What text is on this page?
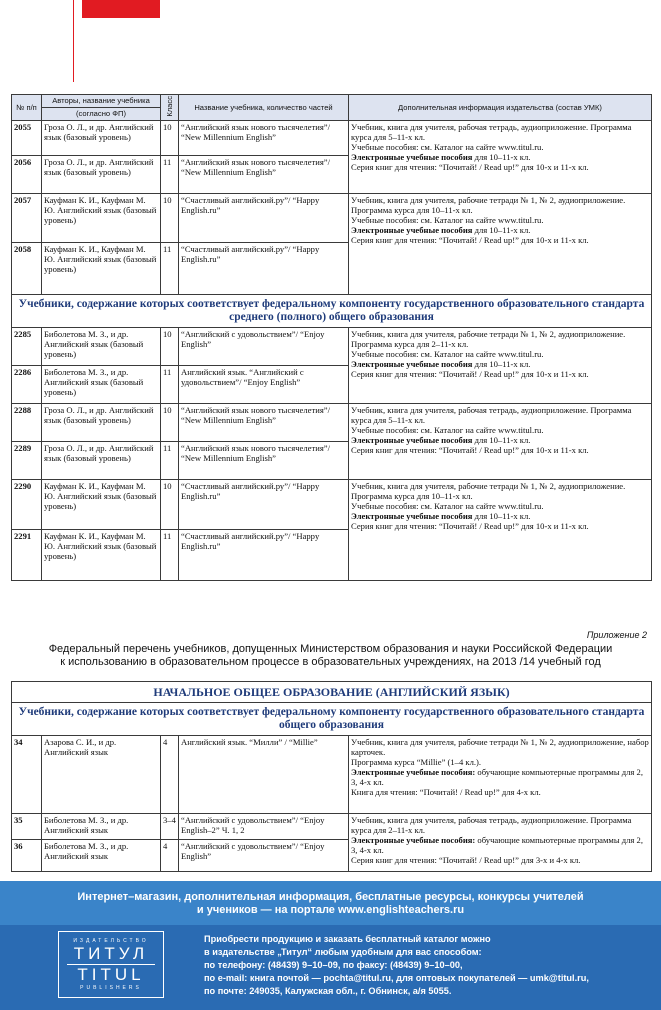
№ п/п	Авторы, название учебника	Класс	Название учебника, количество частей	Дополнительная информация издательства (состав УМК)
	(согласно ФП)			
2055	Гроза О. Л., и др. Английский язык (базовый уровень)	10	“Английский язык нового тысячелетия”/ “New Millennium English”	Учебник, книга для учителя, рабочая тетрадь, аудиоприложение. Программа курса для 5–11-х кл.
Учебные пособия: см. Каталог на сайте www.titul.ru.
Электронные учебные пособия для 10–11-х кл.
Серия книг для чтения: “Почитай! / Read up!” для 10-х и 11-х кл.

2056	Гроза О. Л., и др. Английский язык (базовый уровень)	11	“Английский язык нового тысячелетия”/ “New Millennium English”	
2057	Кауфман К. И., Кауфман М. Ю. Английский язык (базовый уровень)	10	“Счастливый английский.ру”/ “Happy English.ru”	Учебник, книга для учителя, рабочие тетради № 1, № 2, аудиоприложение. Программа курса для 10–11-х кл.
Учебные пособия: см. Каталог на сайте www.titul.ru.
Электронные учебные пособия для 10–11-х кл.
Серия книг для чтения: “Почитай! / Read up!” для 10-х и 11-х кл.

2058	Кауфман К. И., Кауфман М. Ю. Английский язык (базовый уровень)	11	“Счастливый английский.ру”/ “Happy English.ru”	
Учебники, содержание которых соответствует федеральному компоненту государственного образовательного стандарта среднего (полного) общего образования				
2285	Биболетова М. З., и др. Английский язык (базовый уровень)	10	“Английский с удовольствием”/ “Enjoy English”	Учебник, книга для учителя, рабочие тетради № 1, № 2, аудиоприложение.
Программа курса для 2–11-х кл.
Учебные пособия: см. Каталог на сайте www.titul.ru.
Электронные учебные пособия для 10–11-х кл.
Серия книг для чтения: “Почитай! / Read up!” для 10-х и 11-х кл.

2286	Биболетова М. З., и др. Английский язык (базовый уровень)	11	Английский язык. “Английский с удовольствием”/ “Enjoy English”	
2288	Гроза О. Л., и др. Английский язык (базовый уровень)	10	“Английский язык нового тысячелетия”/ “New Millennium English”	Учебник, книга для учителя, рабочая тетрадь, аудиоприложение. Программа курса для 5–11-х кл.
Учебные пособия: см. Каталог на сайте www.titul.ru.
Электронные учебные пособия для 10–11-х кл.
Серия книг для чтения: “Почитай! / Read up!” для 10-х и 11-х кл.

2289	Гроза О. Л., и др. Английский язык (базовый уровень)	11	“Английский язык нового тысячелетия”/ “New Millennium English”	
2290	Кауфман К. И., Кауфман М. Ю. Английский язык (базовый уровень)	10	“Счастливый английский.ру”/ “Happy English.ru”	Учебник, книга для учителя, рабочие тетради № 1, № 2, аудиоприложение. Программа курса для 10–11-х кл.
Учебные пособия: см. Каталог на сайте www.titul.ru.
Электронные учебные пособия для 10–11-х кл.
Серия книг для чтения: “Почитай! / Read up!” для 10-х и 11-х кл.

2291	Кауфман К. И., Кауфман М. Ю. Английский язык (базовый уровень)	11	“Счастливый английский.ру”/ “Happy English.ru”	
Приложение 2
Федеральный перечень учебников, допущенных Министерством образования и науки Российской Федерации
к использованию в образовательном процессе в образовательных учреждениях, на 2013 /14 учебный год
НАЧАЛЬНОЕ ОБЩЕЕ ОБРАЗОВАНИЕ (АНГЛИЙСКИЙ ЯЗЫК)				
Учебники, содержание которых соответствует федеральному компоненту государственного образовательного стандарта общего образования				
34	Азарова С. И., и др. Английский язык	4	Английский язык. “Милли” / “Millie”	Учебник, книга для учителя, рабочие тетради № 1, № 2, аудиоприложение, набор карточек.
Программа курса “Millie” (1–4 кл.).
Электронные учебные пособия: обучающие компьютерные программы для 2, 3, 4-х кл.
Книга для чтения: “Почитай! / Read up!” для 4-х кл.

35	Биболетова М. З., и др. Английский язык	3–4	“Английский с удовольствием”/ “Enjoy English–2” Ч. 1, 2	Учебник, книга для учителя, рабочая тетрадь, аудиоприложение. Программа курса для 2–11-х кл.
Электронные учебные пособия: обучающие компьютерные программы для 2, 3, 4-х кл.
Серия книг для чтения: “Почитай! / Read up!” для 3-х и 4-х кл.

36	Биболетова М. З., и др. Английский язык	4	“Английский с удовольствием”/ “Enjoy English”	
Интернет–магазин, дополнительная информация, бесплатные ресурсы, конкурсы учителей
и учеников — на портале www.englishteachers.ru
ИЗДАТЕЛЬСТВО
ТИТУЛ
TITUL
PUBLISHERS
Приобрести продукцию и заказать бесплатный каталог можно
в издательстве „Титул“ любым удобным для вас способом:
по телефону: (48439) 9–10–09, по факсу: (48439) 9–10–00,
по e-mail: книга почтой — pochta@titul.ru, для оптовых покупателей — umk@titul.ru,
по почте: 249035, Калужская обл., г. Обнинск, а/я 5055.
